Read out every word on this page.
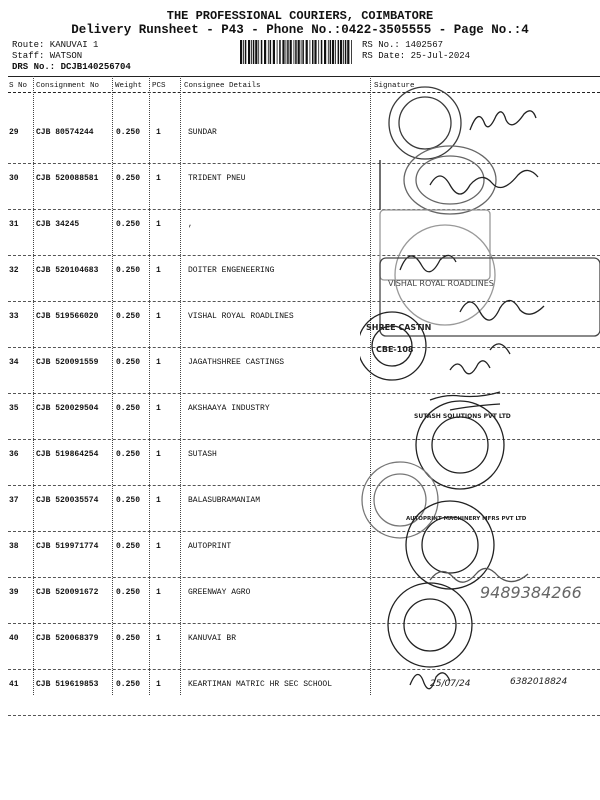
THE PROFESSIONAL COURIERS, COIMBATORE
Delivery Runsheet - P43 - Phone No.:0422-3505555 - Page No.:4
Route: KANUVAI 1
Staff: WATSON
DRS No.: DCJB140256704
RS No.: 1402567
RS Date: 25-Jul-2024
S No Consignment No Weight PCS Consignee Details	Signature
29 CJB 80574244	0.250 1	SUNDAR
30 CJB 520088581 0.250 1	TRIDENT PNEU
31 CJB 34245	0.250 1	,
32 CJB 520104683 0.250 1	DOITER ENGENEERING
33 CJB 519566020 0.250 1	VISHAL ROYAL ROADLINES
34 CJB 520091559 0.250 1	JAGATHSHREE CASTINGS
35 CJB 520029504 0.250 1	AKSHAAYA INDUSTRY
36 CJB 519864254 0.250 1	SUTASH
37 CJB 520035574 0.250 1	BALASUBRAMANIAM
38 CJB 519971774 0.250 1	AUTOPRINT
39 CJB 520091672 0.250 1	GREENWAY AGRO
40 CJB 520068379 0.250 1	KANUVAI BR
41 CJB 519619853 0.250 1	KEARTIMAN MATRIC HR SEC SCHOOL
SHREE CASTIN
CBE-108
VISHAL ROYAL ROADLINES
SUTASH SOLUTIONS PVT LTD
AUTOPRINT MACHINERY MFRS PVT LTD
9489384266
25/07/24	6382018824
